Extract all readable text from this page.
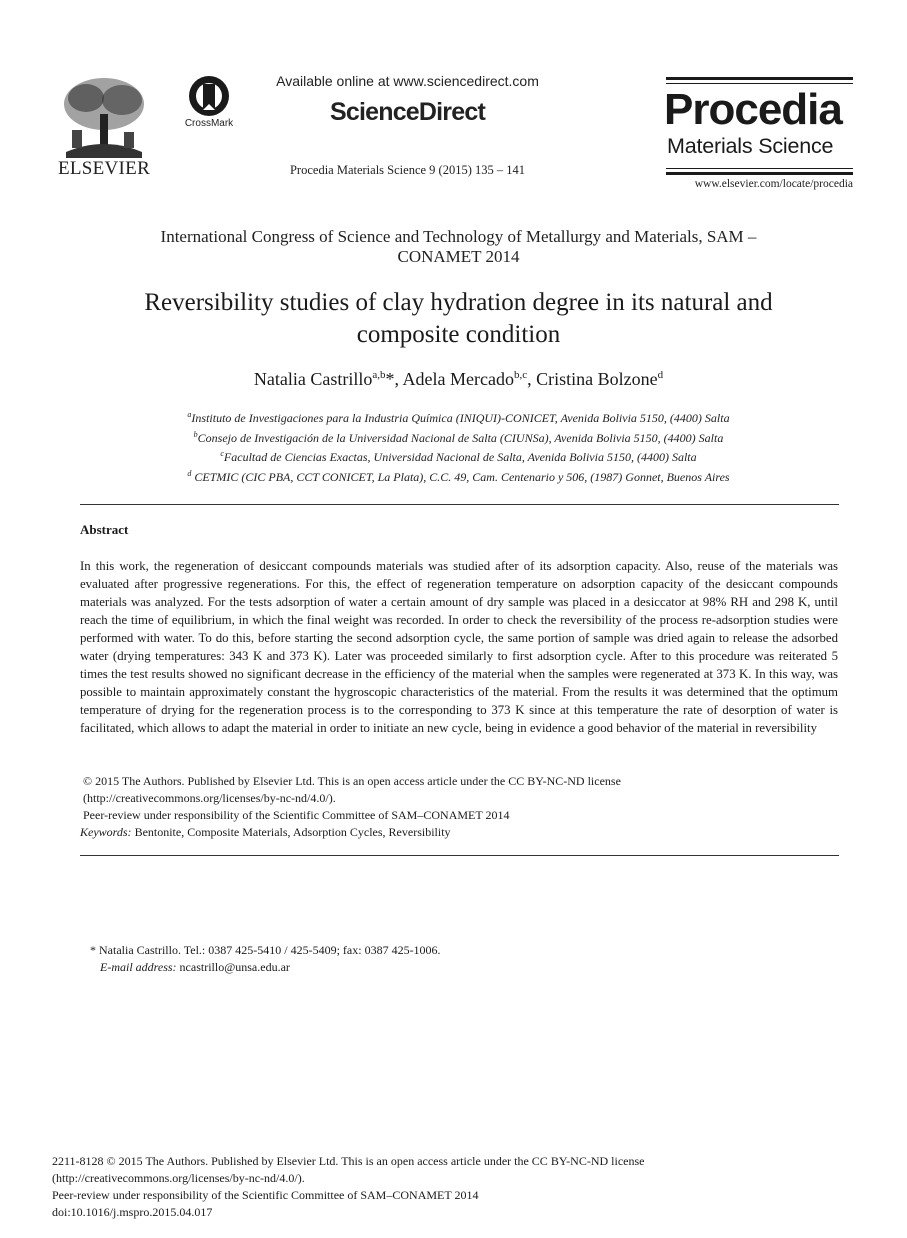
ELSEVIER
CrossMark
Available online at www.sciencedirect.com
ScienceDirect
Procedia Materials Science 9 (2015) 135 – 141
Procedia
Materials Science
www.elsevier.com/locate/procedia
International Congress of Science and Technology of Metallurgy and Materials, SAM –
CONAMET 2014
Reversibility studies of clay hydration degree in its natural and
composite condition
Natalia Castrillo$^{a,b}$*, Adela Mercado$^{b,c}$, Cristina Bolzone$^d$
$^a$Instituto de Investigaciones para la Industria Química (INIQUI)-CONICET, Avenida Bolivia 5150, (4400) Salta
$^b$Consejo de Investigación de la Universidad Nacional de Salta (CIUNSa), Avenida Bolivia 5150, (4400) Salta
$^c$Facultad de Ciencias Exactas, Universidad Nacional de Salta, Avenida Bolivia 5150, (4400) Salta
$^d$ CETMIC (CIC PBA, CCT CONICET, La Plata), C.C. 49, Cam. Centenario y 506, (1987) Gonnet, Buenos Aires
Abstract
In this work, the regeneration of desiccant compounds materials was studied after of its adsorption capacity. Also, reuse of the materials was evaluated after progressive regenerations. For this, the effect of regeneration temperature on adsorption capacity of the desiccant compounds materials was analyzed. For the tests adsorption of water a certain amount of dry sample was placed in a desiccator at 98% RH and 298 K, until reach the time of equilibrium, in which the final weight was recorded. In order to check the reversibility of the process re-adsorption studies were performed with water. To do this, before starting the second adsorption cycle, the same portion of sample was dried again to release the adsorbed water (drying temperatures: 343 K and 373 K). Later was proceeded similarly to first adsorption cycle. After to this procedure was reiterated 5 times the test results showed no significant decrease in the efficiency of the material when the samples were regenerated at 373 K. In this way, was possible to maintain approximately constant the hygroscopic characteristics of the material. From the results it was determined that the optimum temperature of drying for the regeneration process is to the corresponding to 373 K since at this temperature the rate of desorption of water is facilitated, which allows to adapt the material in order to initiate an new cycle, being in evidence a good behavior of the material in reversibility
© 2015 The Authors. Published by Elsevier Ltd. This is an open access article under the CC BY-NC-ND license
(http://creativecommons.org/licenses/by-nc-nd/4.0/).
Peer-review under responsibility of the Scientific Committee of SAM–CONAMET 2014
Keywords: Bentonite, Composite Materials, Adsorption Cycles, Reversibility
* Natalia Castrillo. Tel.: 0387 425-5410 / 425-5409; fax: 0387 425-1006.
E-mail address: ncastrillo@unsa.edu.ar
2211-8128 © 2015 The Authors. Published by Elsevier Ltd. This is an open access article under the CC BY-NC-ND license
(http://creativecommons.org/licenses/by-nc-nd/4.0/).
Peer-review under responsibility of the Scientific Committee of SAM–CONAMET 2014
doi:10.1016/j.mspro.2015.04.017
